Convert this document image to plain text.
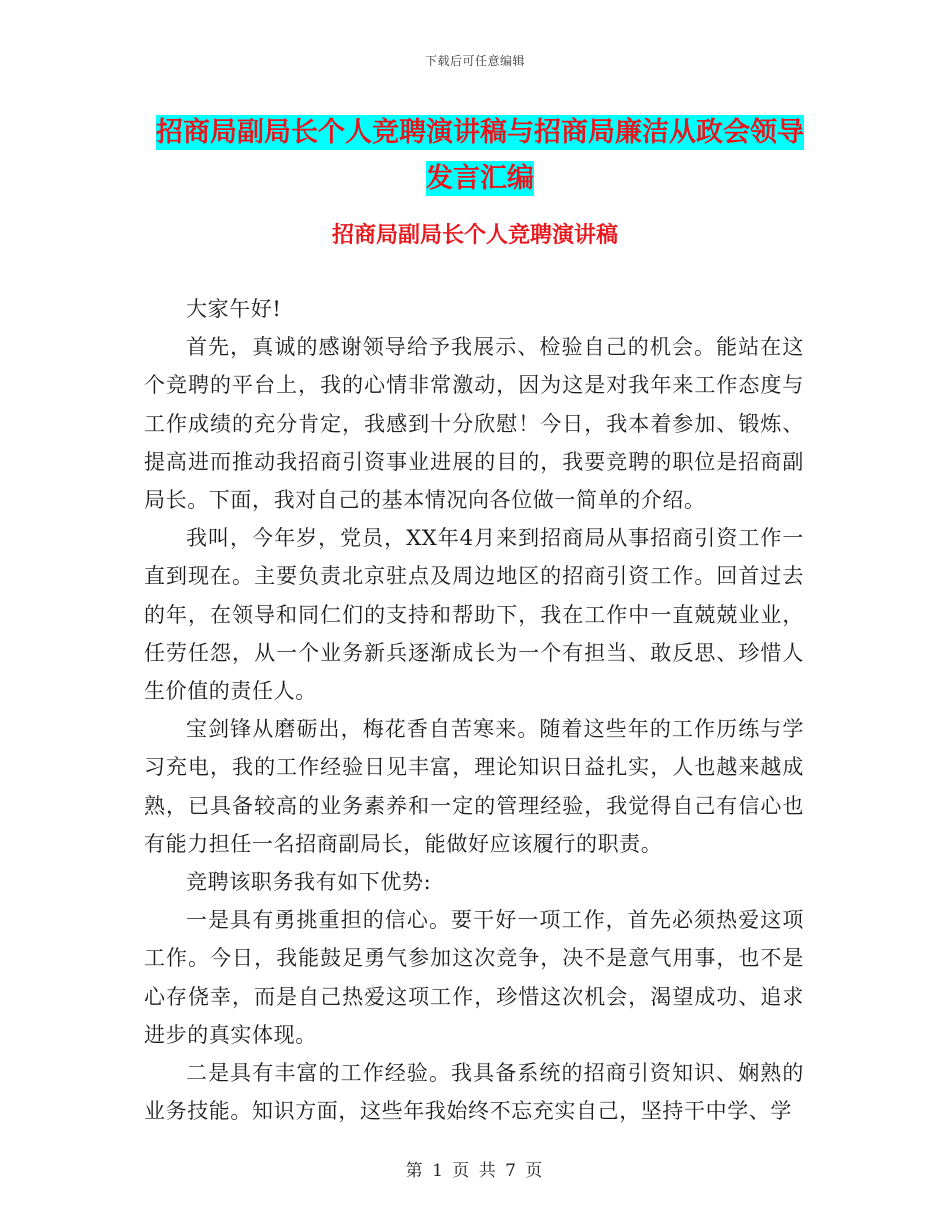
下载后可任意编辑
招商局副局长个人竞聘演讲稿与招商局廉洁从政会领导发言汇编
招商局副局长个人竞聘演讲稿

大家午好!

首先，真诚的感谢领导给予我展示、检验自己的机会。能站在这个竞聘的平台上，我的心情非常激动，因为这是对我年来工作态度与工作成绩的充分肯定，我感到十分欣慰！今日，我本着参加、锻炼、提高进而推动我招商引资事业进展的目的，我要竞聘的职位是招商副局长。下面，我对自己的基本情况向各位做一简单的介绍。

我叫，今年岁，党员，XX年4月来到招商局从事招商引资工作一直到现在。主要负责北京驻点及周边地区的招商引资工作。回首过去的年，在领导和同仁们的支持和帮助下，我在工作中一直兢兢业业，任劳任怨，从一个业务新兵逐渐成长为一个有担当、敢反思、珍惜人生价值的责任人。

宝剑锋从磨砺出，梅花香自苦寒来。随着这些年的工作历练与学习充电，我的工作经验日见丰富，理论知识日益扎实，人也越来越成熟，已具备较高的业务素养和一定的管理经验，我觉得自己有信心也有能力担任一名招商副局长，能做好应该履行的职责。

竞聘该职务我有如下优势:

一是具有勇挑重担的信心。要干好一项工作，首先必须热爱这项工作。今日，我能鼓足勇气参加这次竞争，决不是意气用事，也不是心存侥幸，而是自己热爱这项工作，珍惜这次机会，渴望成功、追求进步的真实体现。

二是具有丰富的工作经验。我具备系统的招商引资知识、娴熟的业务技能。知识方面，这些年我始终不忘充实自己，坚持干中学、学

第 1 页 共 7 页
